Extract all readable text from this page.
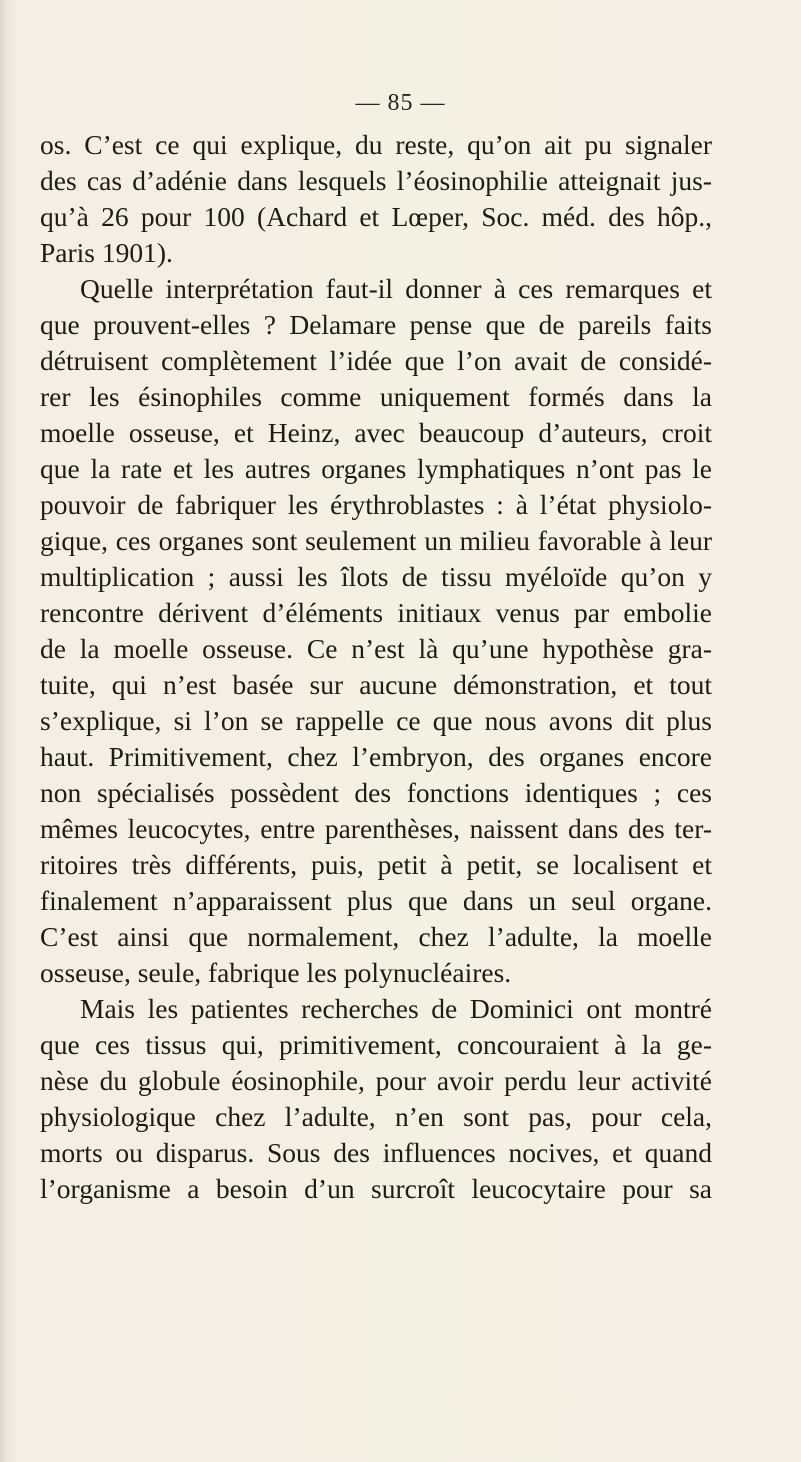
— 85 —
os. C’est ce qui explique, du reste, qu’on ait pu signaler
des cas d’adénie dans lesquels l’éosinophilie atteignait jus-
qu’à 26 pour 100 (Achard et Lœper, Soc. méd. des hôp.,
Paris 1901).
Quelle interprétation faut-il donner à ces remarques et
que prouvent-elles ? Delamare pense que de pareils faits
détruisent complètement l’idée que l’on avait de considé-
rer les ésinophiles comme uniquement formés dans la
moelle osseuse, et Heinz, avec beaucoup d’auteurs, croit
que la rate et les autres organes lymphatiques n’ont pas le
pouvoir de fabriquer les érythroblastes : à l’état physiolo-
gique, ces organes sont seulement un milieu favorable à leur
multiplication ; aussi les îlots de tissu myéloïde qu’on y
rencontre dérivent d’éléments initiaux venus par embolie
de la moelle osseuse. Ce n’est là qu’une hypothèse gra-
tuite, qui n’est basée sur aucune démonstration, et tout
s’explique, si l’on se rappelle ce que nous avons dit plus
haut. Primitivement, chez l’embryon, des organes encore
non spécialisés possèdent des fonctions identiques ; ces
mêmes leucocytes, entre parenthèses, naissent dans des ter-
ritoires très différents, puis, petit à petit, se localisent et
finalement n’apparaissent plus que dans un seul organe.
C’est ainsi que normalement, chez l’adulte, la moelle
osseuse, seule, fabrique les polynucléaires.
Mais les patientes recherches de Dominici ont montré
que ces tissus qui, primitivement, concouraient à la ge-
nèse du globule éosinophile, pour avoir perdu leur activité
physiologique chez l’adulte, n’en sont pas, pour cela,
morts ou disparus. Sous des influences nocives, et quand
l’organisme a besoin d’un surcroît leucocytaire pour sa
